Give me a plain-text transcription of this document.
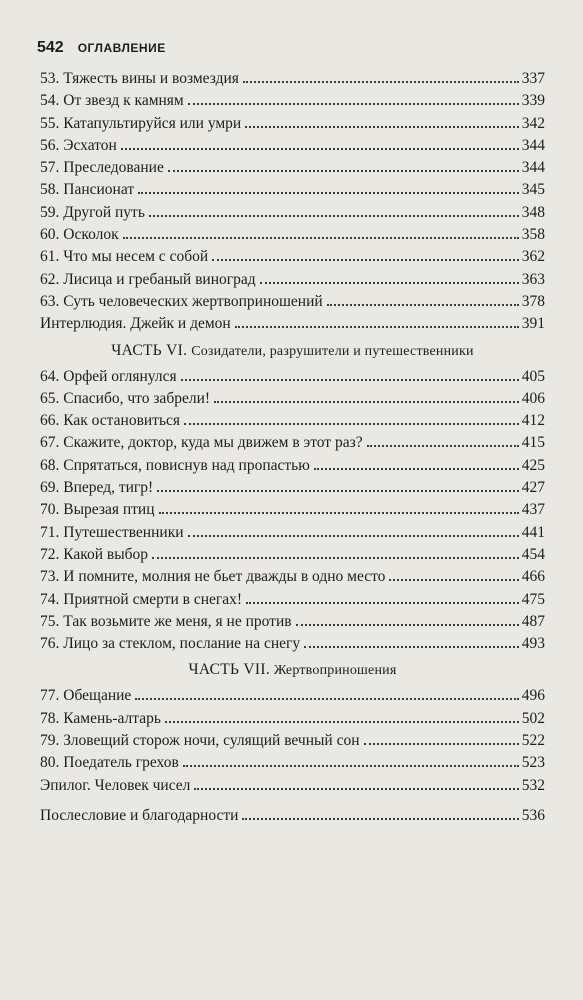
542 ОГЛАВЛЕНИЕ
53. Тяжесть вины и возмездия	337
54. От звезд к камням	339
55. Катапультируйся или умри	342
56. Эсхатон	344
57. Преследование	344
58. Пансионат	345
59. Другой путь	348
60. Осколок	358
61. Что мы несем с собой	362
62. Лисица и гребаный виноград	363
63. Суть человеческих жертвоприношений	378
Интерлюдия. Джейк и демон	391
ЧАСТЬ VI. Созидатели, разрушители и путешественники
64. Орфей оглянулся	405
65. Спасибо, что забрели!	406
66. Как остановиться	412
67. Скажите, доктор, куда мы движем в этот раз?	415
68. Спрятаться, повиснув над пропастью	425
69. Вперед, тигр!	427
70. Вырезая птиц	437
71. Путешественники	441
72. Какой выбор	454
73. И помните, молния не бьет дважды в одно место	466
74. Приятной смерти в снегах!	475
75. Так возьмите же меня, я не против	487
76. Лицо за стеклом, послание на снегу	493
ЧАСТЬ VII. Жертвоприношения
77. Обещание	496
78. Камень-алтарь	502
79. Зловещий сторож ночи, сулящий вечный сон	522
80. Поедатель грехов	523
Эпилог. Человек чисел	532
Послесловие и благодарности	536
